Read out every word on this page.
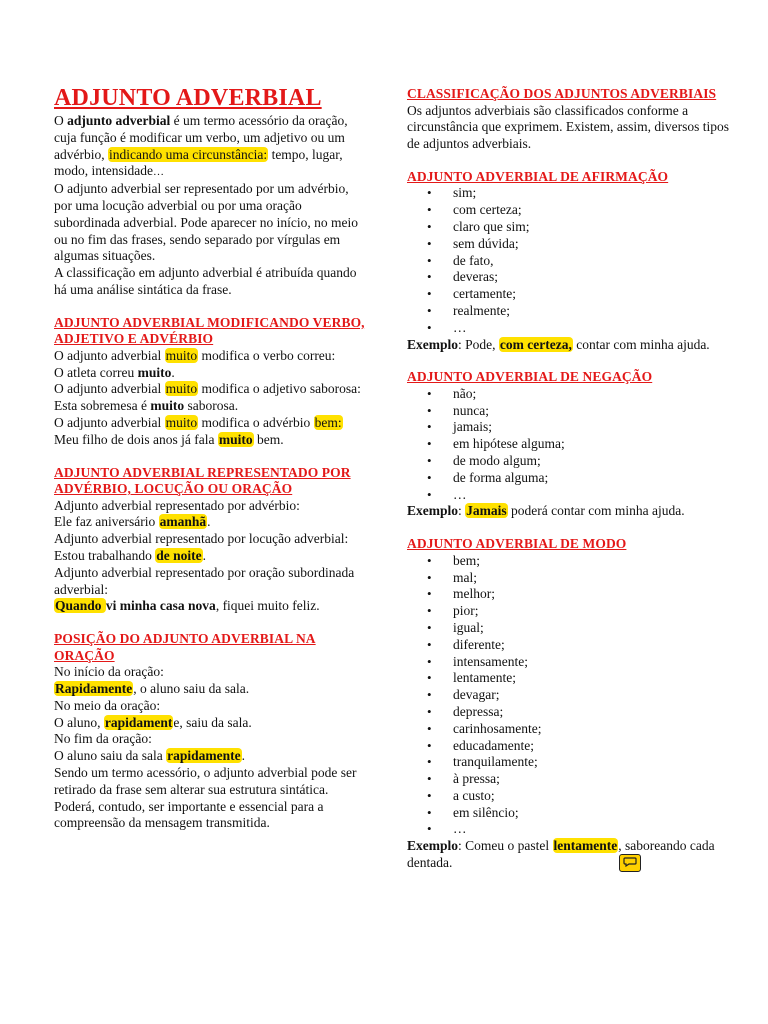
ADJUNTO ADVERBIAL

O adjunto adverbial é um termo acessório da oração, cuja função é modificar um verbo, um adjetivo ou um advérbio, indicando uma circunstância: tempo, lugar, modo, intensidade…

O adjunto adverbial ser representado por um advérbio, por uma locução adverbial ou por uma oração subordinada adverbial. Pode aparecer no início, no meio ou no fim das frases, sendo separado por vírgulas em algumas situações.

A classificação em adjunto adverbial é atribuída quando há uma análise sintática da frase.

ADJUNTO ADVERBIAL MODIFICANDO VERBO, ADJETIVO E ADVÉRBIO

O adjunto adverbial muito modifica o verbo correu:

O atleta correu muito.

O adjunto adverbial muito modifica o adjetivo saborosa:

Esta sobremesa é muito saborosa.

O adjunto adverbial muito modifica o advérbio bem:

Meu filho de dois anos já fala muito bem.

ADJUNTO ADVERBIAL REPRESENTADO POR ADVÉRBIO, LOCUÇÃO OU ORAÇÃO

Adjunto adverbial representado por advérbio:

Ele faz aniversário amanhã.

Adjunto adverbial representado por locução adverbial:

Estou trabalhando de noite.

Adjunto adverbial representado por oração subordinada adverbial:

Quando vi minha casa nova, fiquei muito feliz.

POSIÇÃO DO ADJUNTO ADVERBIAL NA ORAÇÃO

No início da oração:

Rapidamente, o aluno saiu da sala.

No meio da oração:

O aluno, rapidamente, saiu da sala.

No fim da oração:

O aluno saiu da sala rapidamente.

Sendo um termo acessório, o adjunto adverbial pode ser retirado da frase sem alterar sua estrutura sintática. Poderá, contudo, ser importante e essencial para a compreensão da mensagem transmitida.

CLASSIFICAÇÃO DOS ADJUNTOS ADVERBIAIS

Os adjuntos adverbiais são classificados conforme a circunstância que exprimem. Existem, assim, diversos tipos de adjuntos adverbiais.

ADJUNTO ADVERBIAL DE AFIRMAÇÃO
• sim;
• com certeza;
• claro que sim;
• sem dúvida;
• de fato,
• deveras;
• certamente;
• realmente;
• …

Exemplo: Pode, com certeza, contar com minha ajuda.

ADJUNTO ADVERBIAL DE NEGAÇÃO
• não;
• nunca;
• jamais;
• em hipótese alguma;
• de modo algum;
• de forma alguma;
• …

Exemplo: Jamais poderá contar com minha ajuda.

ADJUNTO ADVERBIAL DE MODO
• bem;
• mal;
• melhor;
• pior;
• igual;
• diferente;
• intensamente;
• lentamente;
• devagar;
• depressa;
• carinhosamente;
• educadamente;
• tranquilamente;
• à pressa;
• a custo;
• em silêncio;
• …

Exemplo: Comeu o pastel lentamente, saboreando cada dentada.
